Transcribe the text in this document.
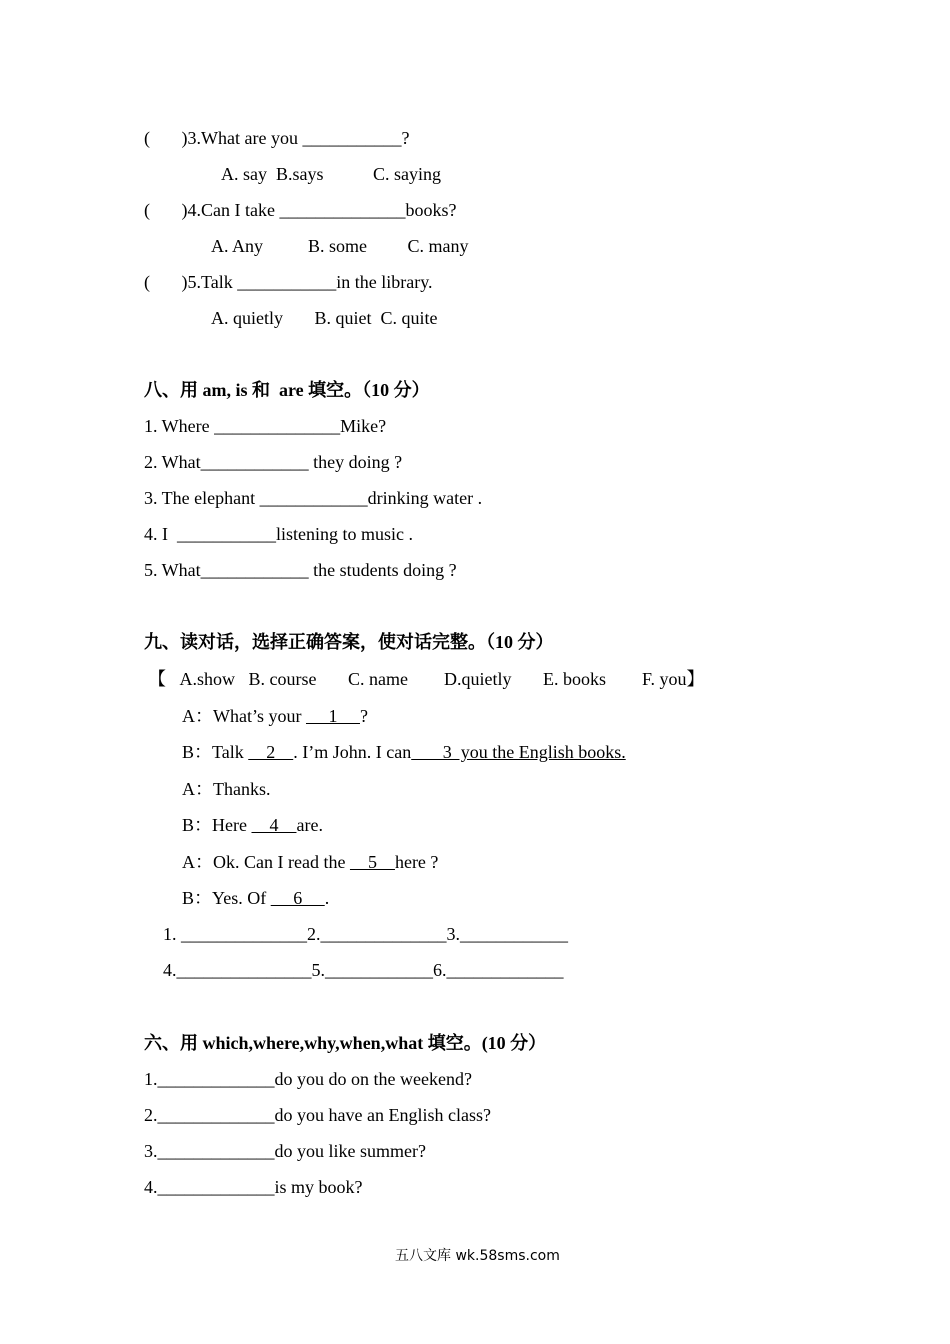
(       )3.What are you ___________?
A. say  B.says           C. saying
(       )4.Can I take ______________books?
A. Any          B. some         C. many
(       )5.Talk ___________in the library.
A. quietly       B. quiet  C. quite
八、用 am, is 和  are 填空。（10 分）
1. Where ______________Mike?
2. What____________ they doing ?
3. The elephant ____________drinking water .
4. I  ___________listening to music .
5. What____________ the students doing ?
九、读对话，选择正确答案，使对话完整。（10 分）
【   A.show   B. course       C. name        D.quietly       E. books        F. you】
A：What’s your      1     ?
B：Talk     2    . I’m John. I can       3  you the English books.
A：Thanks.
B：Here     4    are.
A：Ok. Can I read the     5    here ?
B：Yes. Of      6     .
1. ______________2.______________3.____________
4._______________5.____________6._____________
六、用 which,where,why,when,what 填空。(10 分）
1._____________do you do on the weekend?
2._____________do you have an English class?
3._____________do you like summer?
4._____________is my book?
五八文库 wk.58sms.com
